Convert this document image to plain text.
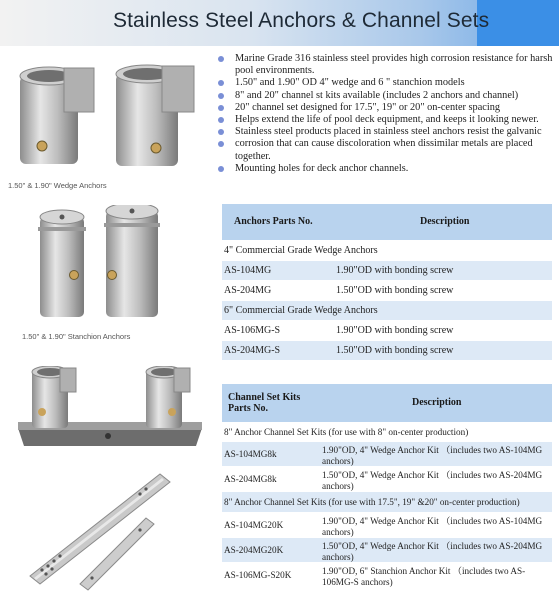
Stainless Steel Anchors & Channel Sets
1.50" & 1.90" Wedge Anchors
1.50" & 1.90" Stanchion Anchors
Marine Grade 316 stainless steel provides high corrosion resistance for harsh
pool environments.
1.50" and 1.90" OD 4" wedge and 6 " stanchion models
8" and 20" channel st kits available (includes 2 anchors and channel)
20" channel set designed for 17.5", 19" or 20" on-center spacing
Helps extend the life of pool deck equipment, and keeps it looking newer.
Stainless steel products placed in stainless steel anchors resist the galvanic
corrosion that can cause discoloration when dissimilar metals are placed
together.
Mounting holes for deck anchor channels.
Anchors Parts No.	Description
4" Commercial Grade Wedge Anchors	
AS-104MG	1.90"OD with bonding screw
AS-204MG	1.50"OD with bonding screw
6" Commercial Grade Wedge Anchors	
AS-106MG-S	1.90"OD with bonding screw
AS-204MG-S	1.50"OD with bonding screw
Channel Set Kits Parts No.	Description
8" Anchor Channel Set Kits (for use with 8" on-center production)	
AS-104MG8k	1.90"OD, 4" Wedge Anchor Kit （includes two AS-104MG anchors)
AS-204MG8k	1.50"OD, 4" Wedge Anchor Kit （includes two AS-204MG anchors)
8" Anchor Channel Set Kits (for use with 17.5", 19" &20" on-center production)	
AS-104MG20K	1.90"OD, 4" Wedge Anchor Kit （includes two AS-104MG anchors)
AS-204MG20K	1.50"OD, 4" Wedge Anchor Kit （includes two AS-204MG anchors)
AS-106MG-S20K	1.90"OD, 6" Stanchion Anchor Kit （includes two AS-106MG-S anchors)
